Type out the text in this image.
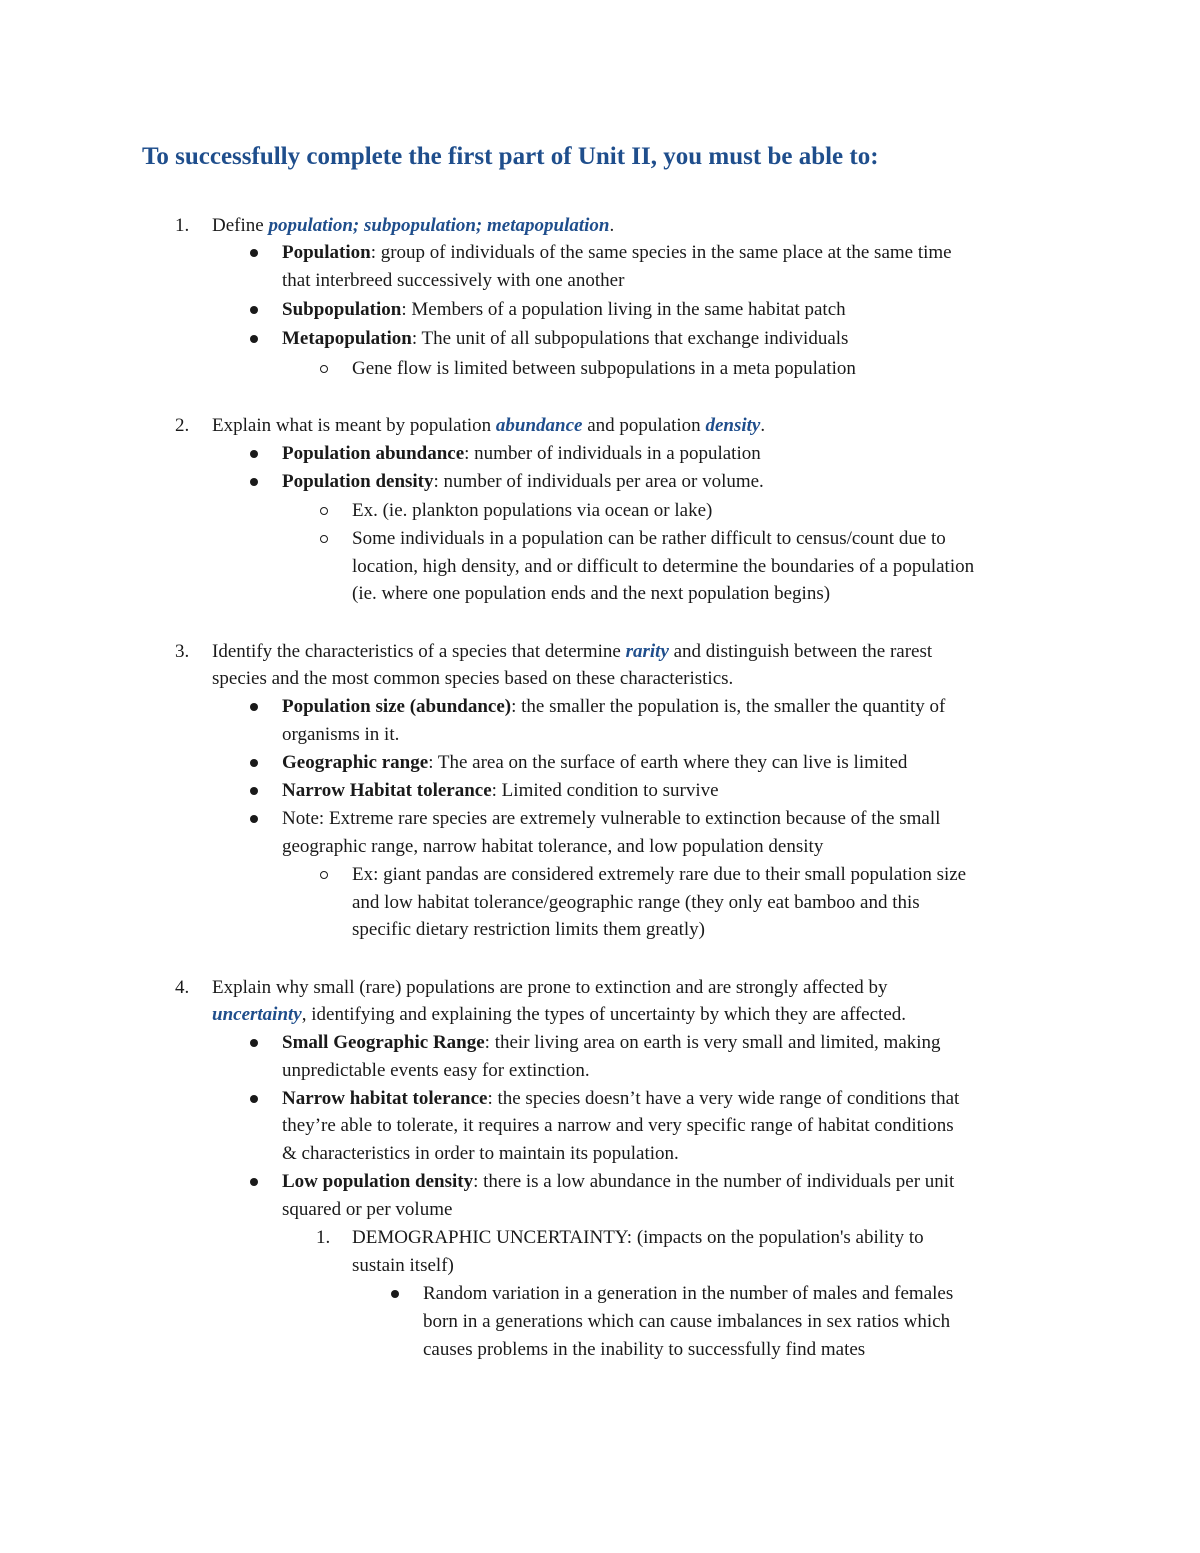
To successfully complete the first part of Unit II, you must be able to:
1. Define population; subpopulation; metapopulation.
Population: group of individuals of the same species in the same place at the same time
that interbreed successively with one another
Subpopulation: Members of a population living in the same habitat patch
Metapopulation: The unit of all subpopulations that exchange individuals
Gene flow is limited between subpopulations in a meta population
2. Explain what is meant by population abundance and population density.
Population abundance: number of individuals in a population
Population density: number of individuals per area or volume.
Ex. (ie. plankton populations via ocean or lake)
Some individuals in a population can be rather difficult to census/count due to
location, high density, and or difficult to determine the boundaries of a population
(ie. where one population ends and the next population begins)
3. Identify the characteristics of a species that determine rarity and distinguish between the rarest
species and the most common species based on these characteristics.
Population size (abundance): the smaller the population is, the smaller the quantity of
organisms in it.
Geographic range: The area on the surface of earth where they can live is limited
Narrow Habitat tolerance: Limited condition to survive
Note: Extreme rare species are extremely vulnerable to extinction because of the small
geographic range, narrow habitat tolerance, and low population density
Ex: giant pandas are considered extremely rare due to their small population size
and low habitat tolerance/geographic range (they only eat bamboo and this
specific dietary restriction limits them greatly)
4. Explain why small (rare) populations are prone to extinction and are strongly affected by
uncertainty, identifying and explaining the types of uncertainty by which they are affected.
Small Geographic Range: their living area on earth is very small and limited, making
unpredictable events easy for extinction.
Narrow habitat tolerance: the species doesn’t have a very wide range of conditions that
they’re able to tolerate, it requires a narrow and very specific range of habitat conditions
& characteristics in order to maintain its population.
Low population density: there is a low abundance in the number of individuals per unit
squared or per volume
1. DEMOGRAPHIC UNCERTAINTY: (impacts on the population's ability to
sustain itself)
Random variation in a generation in the number of males and females
born in a generations which can cause imbalances in sex ratios which
causes problems in the inability to successfully find mates
